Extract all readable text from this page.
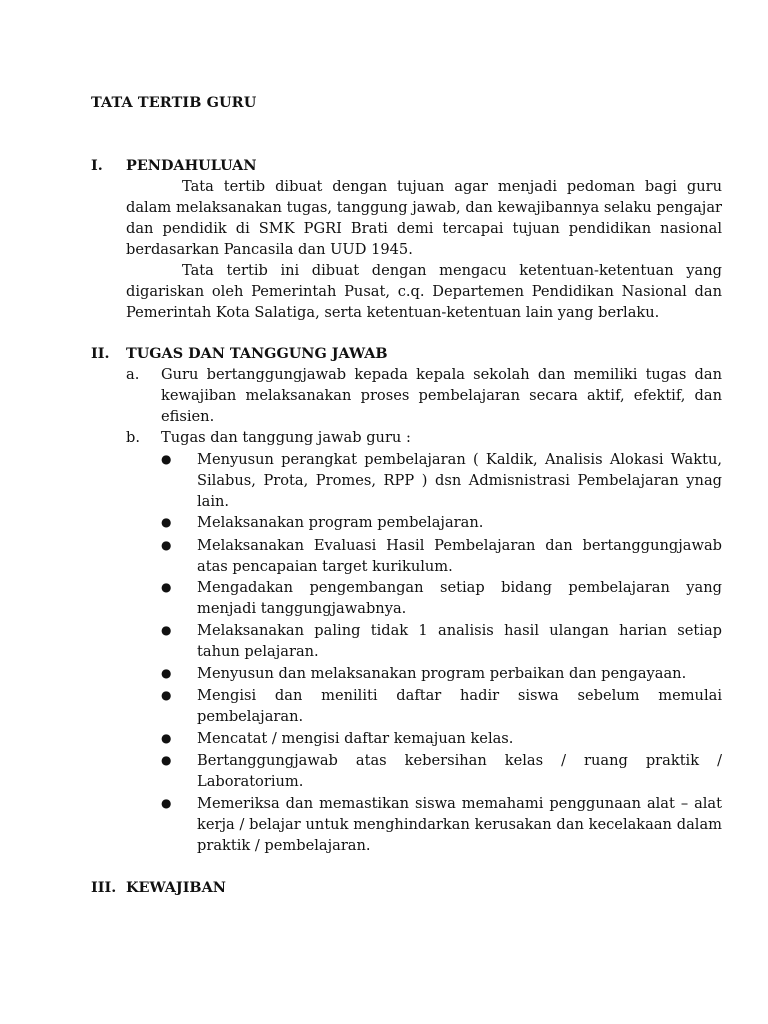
TATA TERTIB GURU
I. PENDAHULUAN

Tata tertib dibuat dengan tujuan agar menjadi pedoman bagi guru dalam melaksanakan tugas, tanggung jawab, dan kewajibannya selaku pengajar dan pendidik di SMK PGRI Brati demi tercapai tujuan pendidikan nasional berdasarkan Pancasila dan UUD 1945.

Tata tertib ini dibuat dengan mengacu ketentuan-ketentuan yang digariskan oleh Pemerintah Pusat, c.q. Departemen Pendidikan Nasional dan Pemerintah Kota Salatiga, serta ketentuan-ketentuan lain yang berlaku.

II. TUGAS DAN TANGGUNG JAWAB
a. Guru bertanggungjawab kepada kepala sekolah dan memiliki tugas dan kewajiban melaksanakan proses pembelajaran secara aktif, efektif, dan efisien.
b. Tugas dan tanggung jawab guru :
● Menyusun perangkat pembelajaran ( Kaldik, Analisis Alokasi Waktu, Silabus, Prota, Promes, RPP ) dsn Admisnistrasi Pembelajaran ynag lain.
● Melaksanakan program pembelajaran.
● Melaksanakan Evaluasi Hasil Pembelajaran dan bertanggungjawab atas pencapaian target kurikulum.
● Mengadakan pengembangan setiap bidang pembelajaran yang menjadi tanggungjawabnya.
● Melaksanakan paling tidak 1 analisis hasil ulangan harian setiap tahun pelajaran.
● Menyusun dan melaksanakan program perbaikan dan pengayaan.
● Mengisi dan meniliti daftar hadir siswa sebelum memulai pembelajaran.
● Mencatat / mengisi daftar kemajuan kelas.
● Bertanggungjawab atas kebersihan kelas / ruang praktik / Laboratorium.
● Memeriksa dan memastikan siswa memahami penggunaan alat – alat kerja / belajar untuk menghindarkan kerusakan dan kecelakaan dalam praktik / pembelajaran.
III. KEWAJIBAN
